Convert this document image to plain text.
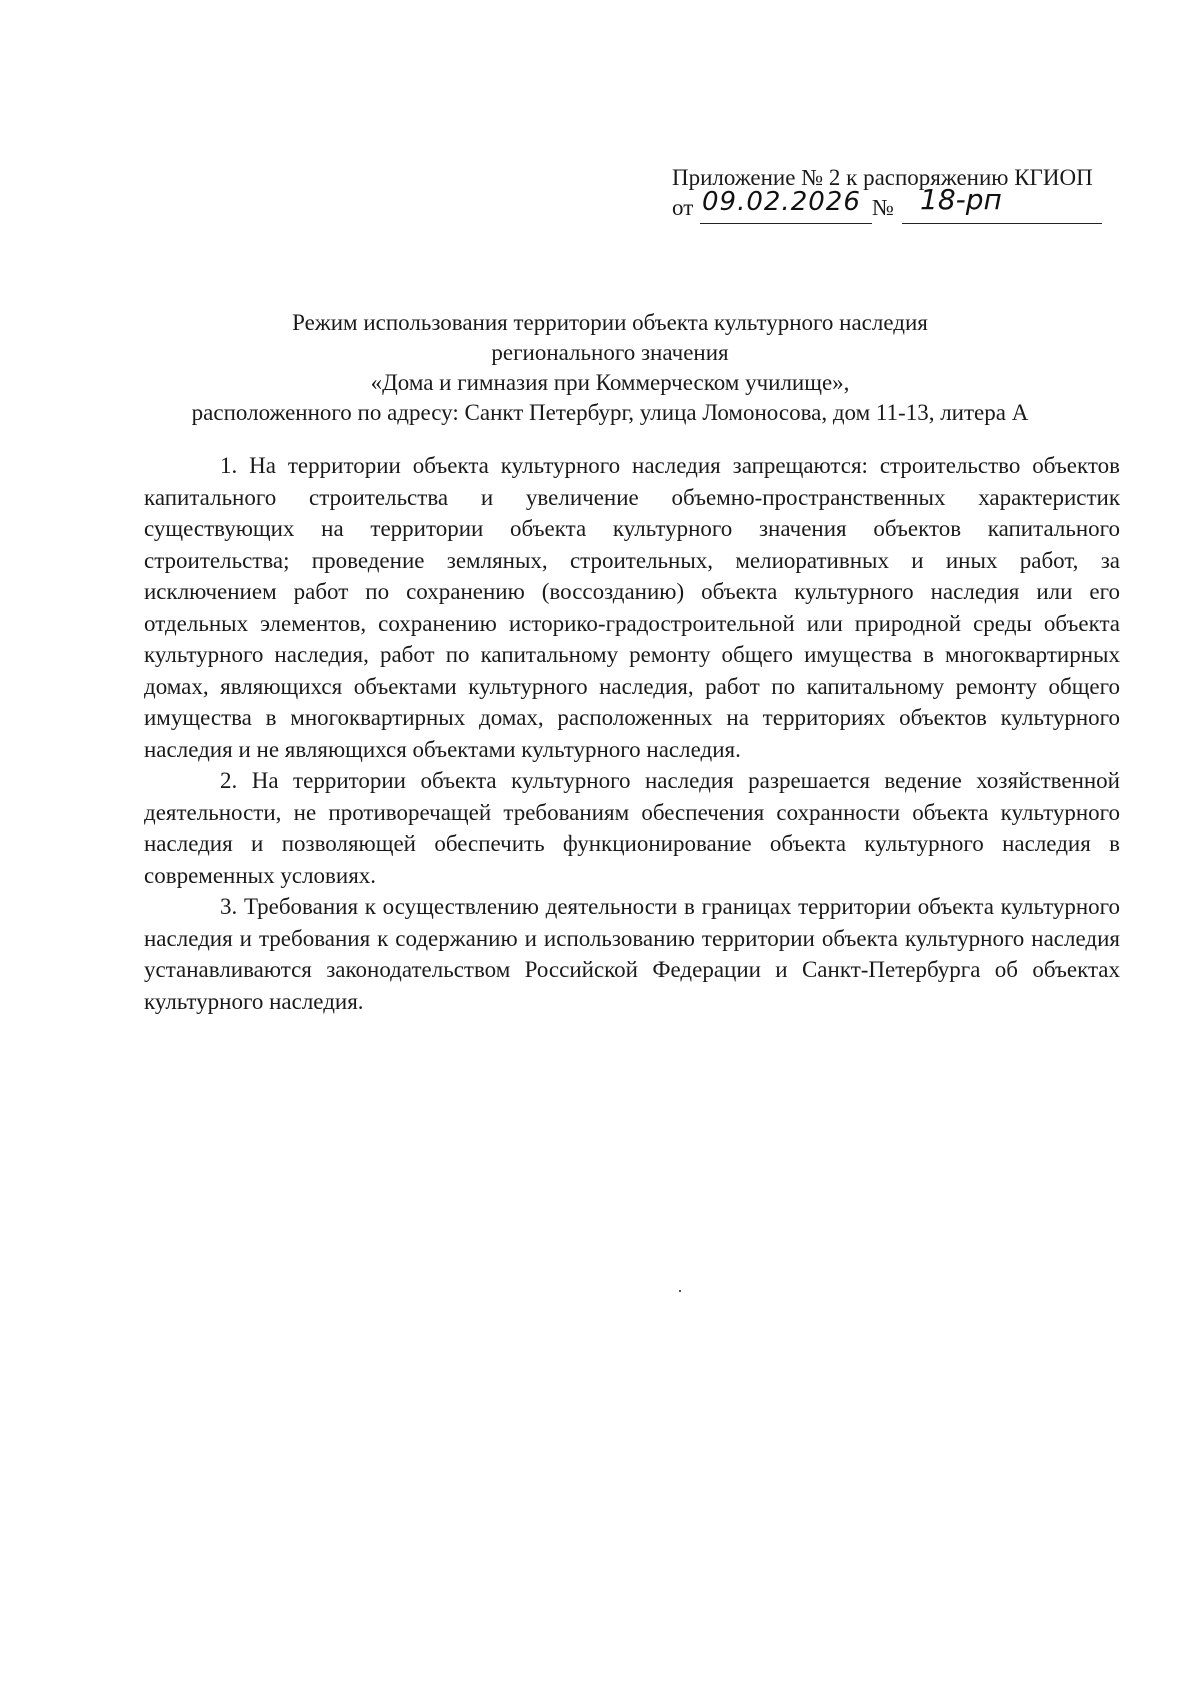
Приложение № 2 к распоряжению КГИОП
от 09.02.2026 № 18-рп
Режим использования территории объекта культурного наследия
регионального значения
«Дома и гимназия при Коммерческом училище»,
расположенного по адресу: Санкт Петербург, улица Ломоносова, дом 11-13, литера А

1. На территории объекта культурного наследия запрещаются: строительство объектов капитального строительства и увеличение объемно-пространственных характеристик существующих на территории объекта культурного значения объектов капитального строительства; проведение земляных, строительных, мелиоративных и иных работ, за исключением работ по сохранению (воссозданию) объекта культурного наследия или его отдельных элементов, сохранению историко-градостроительной или природной среды объекта культурного наследия, работ по капитальному ремонту общего имущества в многоквартирных домах, являющихся объектами культурного наследия, работ по капитальному ремонту общего имущества в многоквартирных домах, расположенных на территориях объектов культурного наследия и не являющихся объектами культурного наследия.

2. На территории объекта культурного наследия разрешается ведение хозяйственной деятельности, не противоречащей требованиям обеспечения сохранности объекта культурного наследия и позволяющей обеспечить функционирование объекта культурного наследия в современных условиях.

3. Требования к осуществлению деятельности в границах территории объекта культурного наследия и требования к содержанию и использованию территории объекта культурного наследия устанавливаются законодательством Российской Федерации и Санкт-Петербурга об объектах культурного наследия.
